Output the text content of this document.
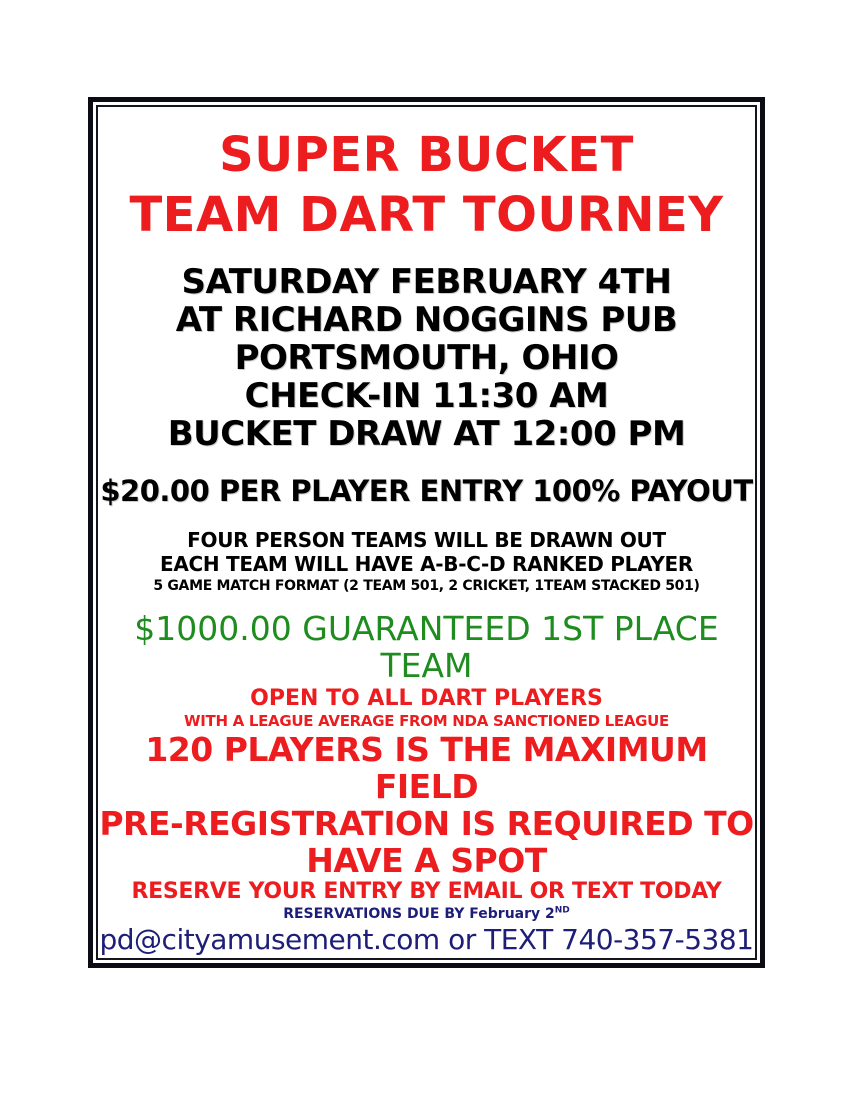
SUPER BUCKET
TEAM DART TOURNEY
SATURDAY FEBRUARY 4TH
AT RICHARD NOGGINS PUB
PORTSMOUTH, OHIO
CHECK-IN 11:30 AM
BUCKET DRAW AT 12:00 PM
$20.00 PER PLAYER ENTRY 100% PAYOUT
FOUR PERSON TEAMS WILL BE DRAWN OUT
EACH TEAM WILL HAVE A-B-C-D RANKED PLAYER
5 GAME MATCH FORMAT (2 TEAM 501, 2 CRICKET, 1TEAM STACKED 501)
$1000.00 GUARANTEED 1ST PLACE
TEAM
OPEN TO ALL DART PLAYERS
WITH A LEAGUE AVERAGE FROM NDA SANCTIONED LEAGUE
120 PLAYERS IS THE MAXIMUM
FIELD
PRE-REGISTRATION IS REQUIRED TO
HAVE A SPOT
RESERVE YOUR ENTRY BY EMAIL OR TEXT TODAY
RESERVATIONS DUE BY February 2ND
pd@cityamusement.com or TEXT 740-357-5381
